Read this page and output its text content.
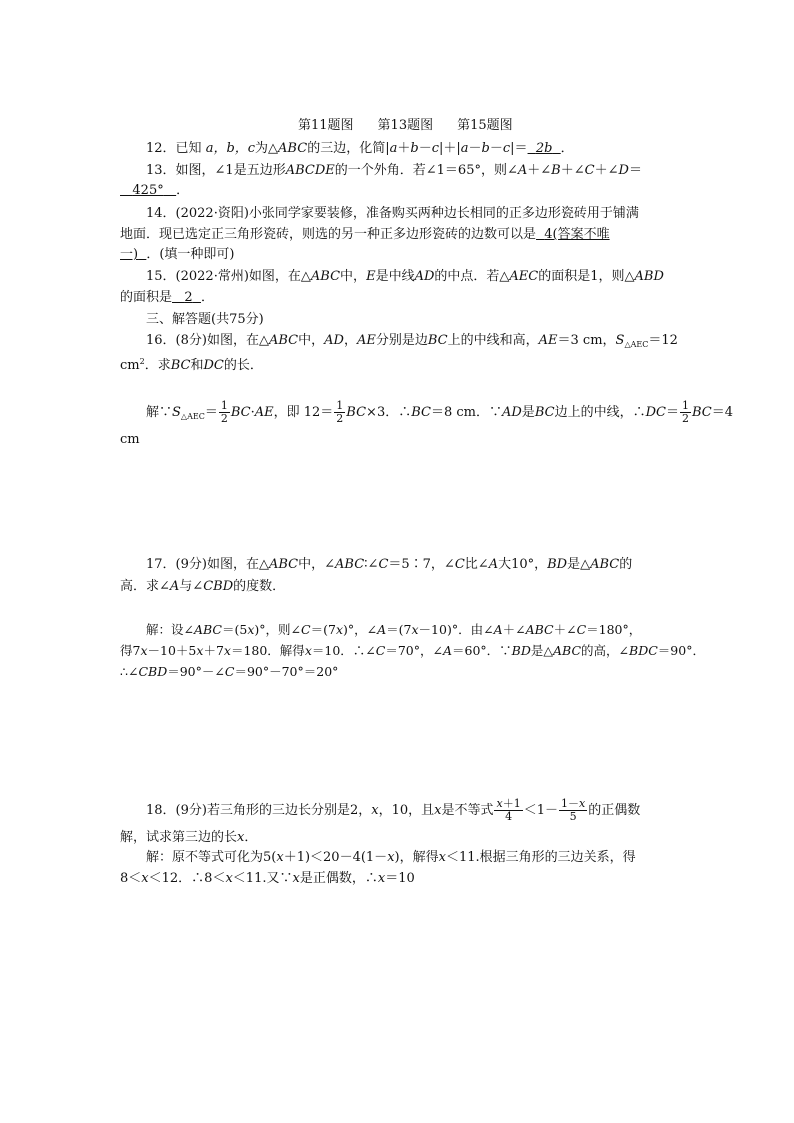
第11题图 第13题图 第15题图
12．已知 a，b，c为△ABC的三边，化简|a＋b－c|＋|a－b－c|＝ 2b ．
13．如图，∠1是五边形ABCDE的一个外角．若∠1＝65°，则∠A＋∠B＋∠C＋∠D＝
425° ．
14．(2022·资阳)小张同学家要装修，准备购买两种边长相同的正多边形瓷砖用于铺满
地面．现已选定正三角形瓷砖，则选的另一种正多边形瓷砖的边数可以是 4(答案不唯
一) ．(填一种即可)
15．(2022·常州)如图，在△ABC中，E是中线AD的中点．若△AEC的面积是1，则△ABD
的面积是 2 ．
三、解答题(共75分)
16．(8分)如图，在△ABC中，AD，AE分别是边BC上的中线和高，AE＝3 cm，$S_{\triangle AEC}=12$
$cm^2$．求BC和DC的长．
解$\because S_{\triangle AEC}= \frac{1}{2} BC\cdot AE$，即 $12= \frac{1}{2} BC\times 3$．∴BC＝8 cm．∵AD是BC边上的中线，∴DC＝ $\frac{1}{2} BC=4$
cm
17．(9分)如图，在△ABC中，∠ABC∶∠C＝5∶7，∠C比∠A大10°，BD是△ABC的
高．求∠A与∠CBD的度数．
解：设∠ABC＝(5x)°，则∠C＝(7x)°，∠A＝(7x－10)°．由∠A＋∠ABC＋∠C＝180°，
得7x－10＋5x＋7x＝180．解得x＝10．∴∠C＝70°，∠A＝60°．∵BD是△ABC的高，∠BDC＝90°．
∴∠CBD＝90°－∠C＝90°－70°＝20°
18．(9分)若三角形的三边长分别是2，x，10，且x是不等式 $\frac{x+1}{4} <1- \frac{1-x}{5}$ 的正偶数
解，试求第三边的长x．
解：原不等式可化为5(x＋1)＜20－4(1－x)，解得x＜11.根据三角形的三边关系，得
8＜x＜12．∴8＜x＜11.又∵x是正偶数，∴x＝10
